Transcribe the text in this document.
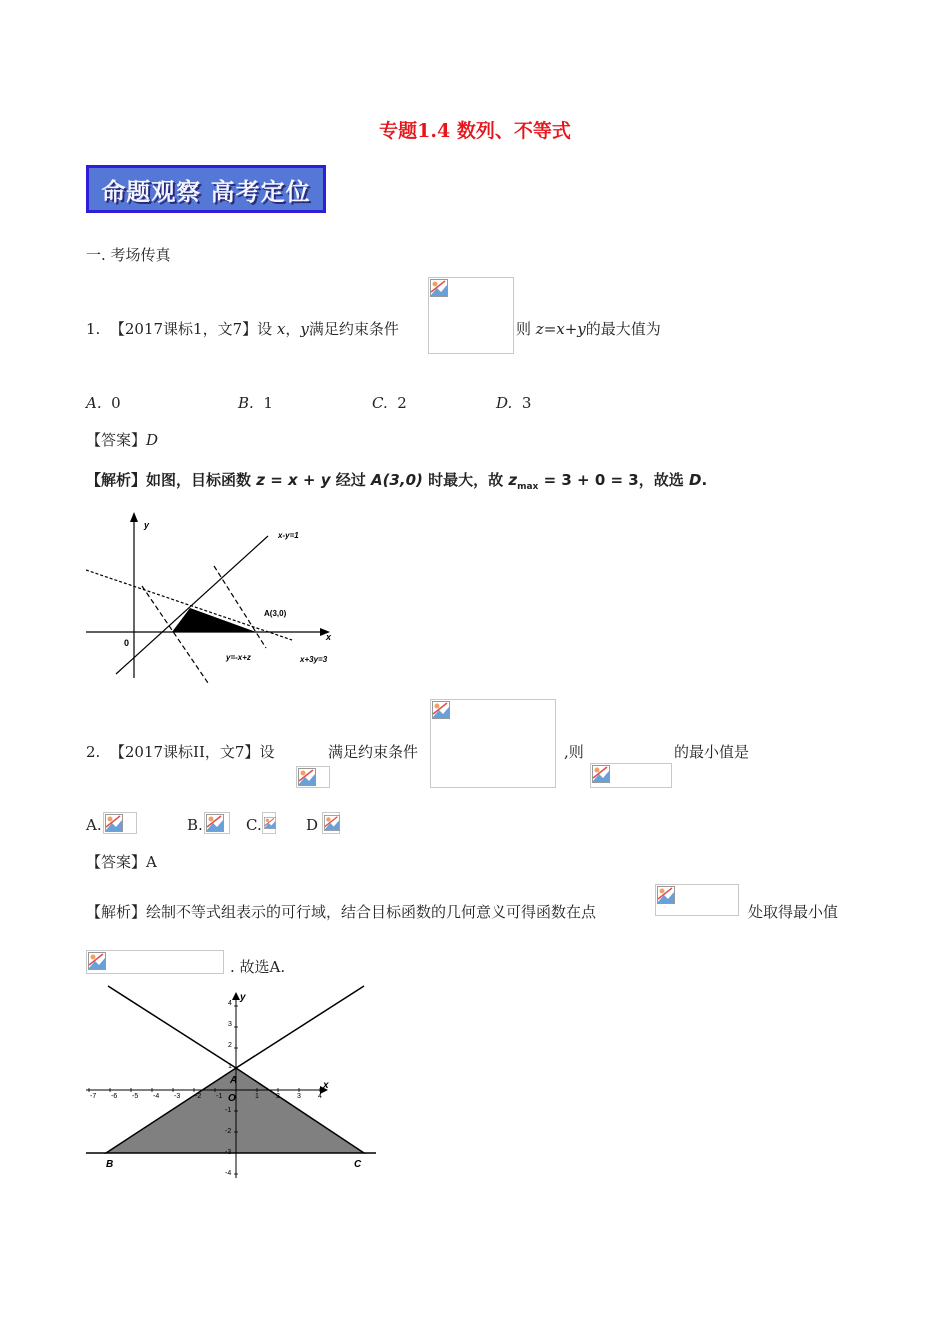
专题1.4 数列、不等式
命题观察 高考定位
一. 考场传真
1. 【2017课标1，文7】设 x，y满足约束条件	则 z=x+y的最大值为
A. 0	B. 1	C. 2	D. 3
【答案】D
【解析】如图，目标函数 z = x + y 经过 A(3,0) 时最大，故 $z_{max} = 3 + 0 = 3$，故选 D.
y
x
0
x-y=1
A(3,0)
y=-x+z	x+3y=3
2. 【2017课标II，文7】设	满足约束条件	,则	的最小值是
A.	B.	C.	D
【答案】A
【解析】绘制不等式组表示的可行域，结合目标函数的几何意义可得函数在点	处取得最小值
. 故选A.
-7 -6 -5 -4 -3 -2 -1	1 2 3 4
4
3
2
1
-1
-2
-3
-4
y
x
O
A
B	C
